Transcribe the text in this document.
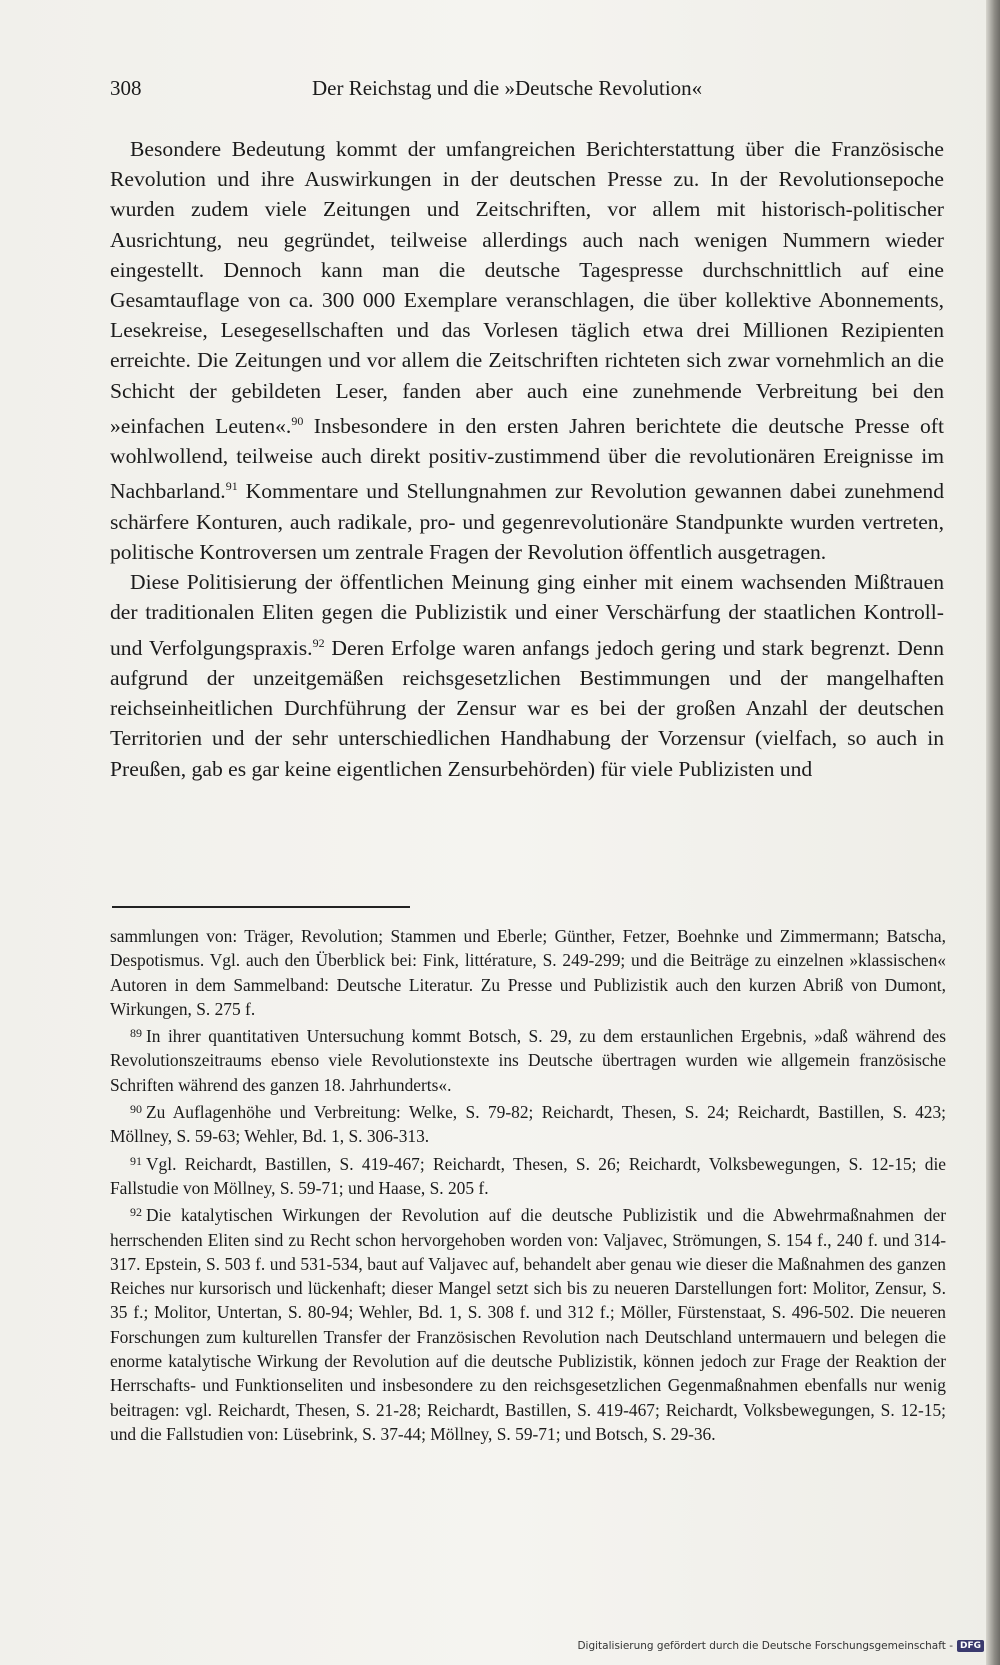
308	Der Reichstag und die »Deutsche Revolution«

Besondere Bedeutung kommt der umfangreichen Berichterstattung über die Französische Revolution und ihre Auswirkungen in der deutschen Presse zu. In der Revolutionsepoche wurden zudem viele Zeitungen und Zeitschriften, vor allem mit historisch-politischer Ausrichtung, neu gegründet, teilweise allerdings auch nach wenigen Nummern wieder eingestellt. Dennoch kann man die deutsche Tagespresse durchschnittlich auf eine Gesamtauflage von ca. 300 000 Exemplare veranschlagen, die über kollektive Abonnements, Lesekreise, Lesegesellschaften und das Vorlesen täglich etwa drei Millionen Rezipienten erreichte. Die Zeitungen und vor allem die Zeitschriften richteten sich zwar vornehmlich an die Schicht der gebildeten Leser, fanden aber auch eine zunehmende Verbreitung bei den »einfachen Leuten«.$^{90}$ Insbesondere in den ersten Jahren berichtete die deutsche Presse oft wohlwollend, teilweise auch direkt positiv-zustimmend über die revolutionären Ereignisse im Nachbarland.$^{91}$ Kommentare und Stellungnahmen zur Revolution gewannen dabei zunehmend schärfere Konturen, auch radikale, pro- und gegenrevolutionäre Standpunkte wurden vertreten, politische Kontroversen um zentrale Fragen der Revolution öffentlich ausgetragen.

Diese Politisierung der öffentlichen Meinung ging einher mit einem wachsenden Mißtrauen der traditionalen Eliten gegen die Publizistik und einer Verschärfung der staatlichen Kontroll- und Verfolgungspraxis.$^{92}$ Deren Erfolge waren anfangs jedoch gering und stark begrenzt. Denn aufgrund der unzeitgemäßen reichsgesetzlichen Bestimmungen und der mangelhaften reichseinheitlichen Durchführung der Zensur war es bei der großen Anzahl der deutschen Territorien und der sehr unterschiedlichen Handhabung der Vorzensur (vielfach, so auch in Preußen, gab es gar keine eigentlichen Zensurbehörden) für viele Publizisten und

sammlungen von: Träger, Revolution; Stammen und Eberle; Günther, Fetzer, Boehnke und Zimmermann; Batscha, Despotismus. Vgl. auch den Überblick bei: Fink, littérature, S. 249-299; und die Beiträge zu einzelnen »klassischen« Autoren in dem Sammelband: Deutsche Literatur. Zu Presse und Publizistik auch den kurzen Abriß von Dumont, Wirkungen, S. 275 f.

$^{89}$ In ihrer quantitativen Untersuchung kommt Botsch, S. 29, zu dem erstaunlichen Ergebnis, »daß während des Revolutionszeitraums ebenso viele Revolutionstexte ins Deutsche übertragen wurden wie allgemein französische Schriften während des ganzen 18. Jahrhunderts«.

$^{90}$ Zu Auflagenhöhe und Verbreitung: Welke, S. 79-82; Reichardt, Thesen, S. 24; Reichardt, Bastillen, S. 423; Möllney, S. 59-63; Wehler, Bd. 1, S. 306-313.

$^{91}$ Vgl. Reichardt, Bastillen, S. 419-467; Reichardt, Thesen, S. 26; Reichardt, Volksbewegungen, S. 12-15; die Fallstudie von Möllney, S. 59-71; und Haase, S. 205 f.

$^{92}$ Die katalytischen Wirkungen der Revolution auf die deutsche Publizistik und die Abwehrmaßnahmen der herrschenden Eliten sind zu Recht schon hervorgehoben worden von: Valjavec, Strömungen, S. 154 f., 240 f. und 314-317. Epstein, S. 503 f. und 531-534, baut auf Valjavec auf, behandelt aber genau wie dieser die Maßnahmen des ganzen Reiches nur kursorisch und lückenhaft; dieser Mangel setzt sich bis zu neueren Darstellungen fort: Molitor, Zensur, S. 35 f.; Molitor, Untertan, S. 80-94; Wehler, Bd. 1, S. 308 f. und 312 f.; Möller, Fürstenstaat, S. 496-502. Die neueren Forschungen zum kulturellen Transfer der Französischen Revolution nach Deutschland untermauern und belegen die enorme katalytische Wirkung der Revolution auf die deutsche Publizistik, können jedoch zur Frage der Reaktion der Herrschafts- und Funktionseliten und insbesondere zu den reichsgesetzlichen Gegenmaßnahmen ebenfalls nur wenig beitragen: vgl. Reichardt, Thesen, S. 21-28; Reichardt, Bastillen, S. 419-467; Reichardt, Volksbewegungen, S. 12-15; und die Fallstudien von: Lüsebrink, S. 37-44; Möllney, S. 59-71; und Botsch, S. 29-36.

Digitalisierung gefördert durch die Deutsche Forschungsgemeinschaft - DFG
